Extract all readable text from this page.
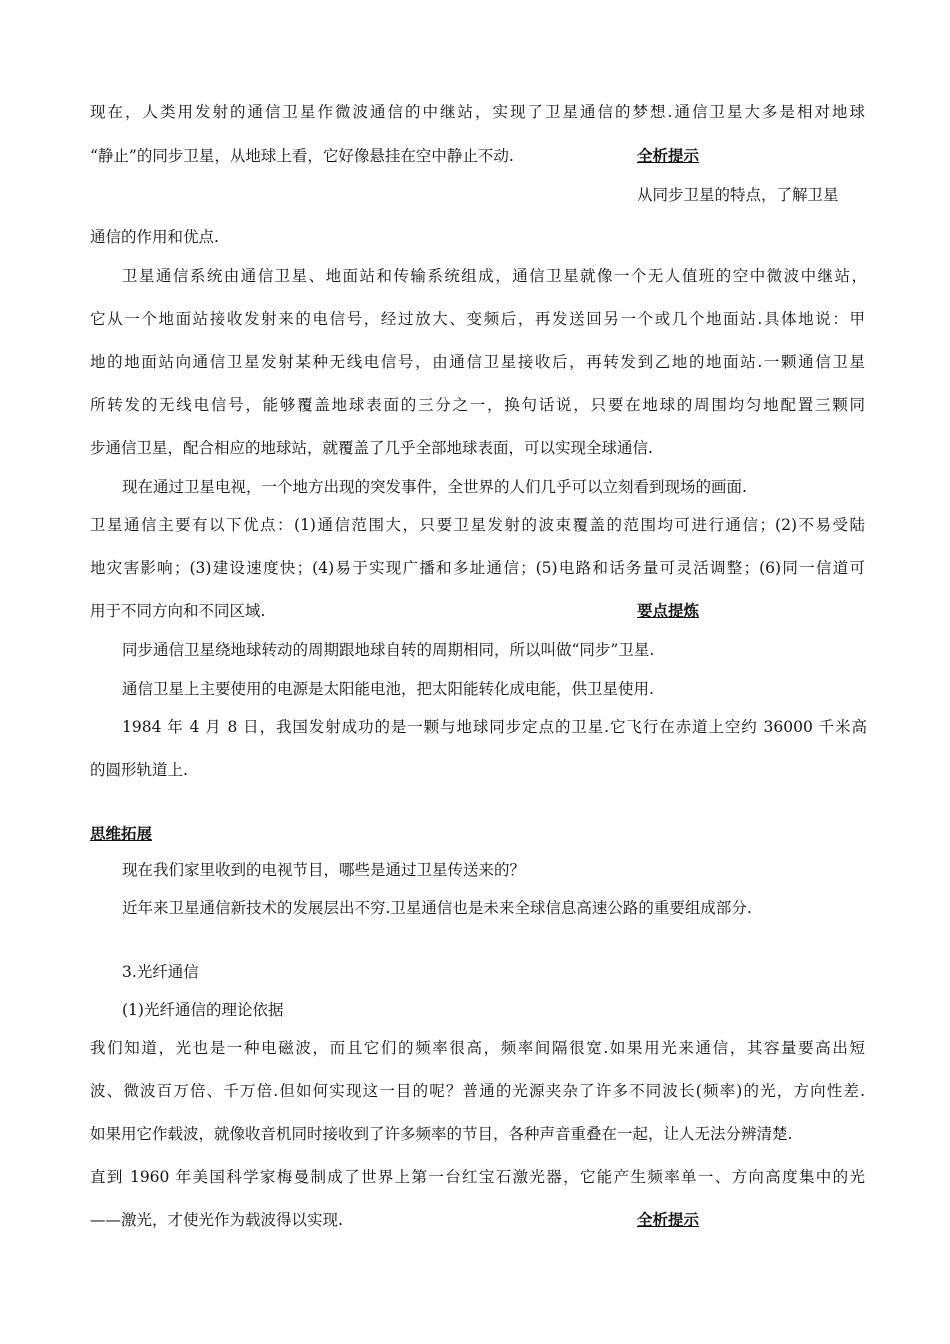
现在，人类用发射的通信卫星作微波通信的中继站，实现了卫星通信的梦想.通信卫星大多是相对地球
“静止”的同步卫星，从地球上看，它好像悬挂在空中静止不动.	全析提示
从同步卫星的特点，了解卫星
通信的作用和优点.
卫星通信系统由通信卫星、地面站和传输系统组成，通信卫星就像一个无人值班的空中微波中继站，
它从一个地面站接收发射来的电信号，经过放大、变频后，再发送回另一个或几个地面站.具体地说：甲
地的地面站向通信卫星发射某种无线电信号，由通信卫星接收后，再转发到乙地的地面站.一颗通信卫星
所转发的无线电信号，能够覆盖地球表面的三分之一，换句话说，只要在地球的周围均匀地配置三颗同
步通信卫星，配合相应的地球站，就覆盖了几乎全部地球表面，可以实现全球通信.
现在通过卫星电视，一个地方出现的突发事件，全世界的人们几乎可以立刻看到现场的画面.
卫星通信主要有以下优点：(1)通信范围大，只要卫星发射的波束覆盖的范围均可进行通信；(2)不易受陆
地灾害影响；(3)建设速度快；(4)易于实现广播和多址通信；(5)电路和话务量可灵活调整；(6)同一信道可
用于不同方向和不同区域.	要点提炼
同步通信卫星绕地球转动的周期跟地球自转的周期相同，所以叫做“同步”卫星.
通信卫星上主要使用的电源是太阳能电池，把太阳能转化成电能，供卫星使用.
1984 年 4 月 8 日，我国发射成功的是一颗与地球同步定点的卫星.它飞行在赤道上空约 36000 千米高
的圆形轨道上.
思维拓展
现在我们家里收到的电视节目，哪些是通过卫星传送来的？
近年来卫星通信新技术的发展层出不穷.卫星通信也是未来全球信息高速公路的重要组成部分.
3.光纤通信
(1)光纤通信的理论依据
我们知道，光也是一种电磁波，而且它们的频率很高，频率间隔很宽.如果用光来通信，其容量要高出短
波、微波百万倍、千万倍.但如何实现这一目的呢？普通的光源夹杂了许多不同波长(频率)的光，方向性差.
如果用它作载波，就像收音机同时接收到了许多频率的节目，各种声音重叠在一起，让人无法分辨清楚.
直到 1960 年美国科学家梅曼制成了世界上第一台红宝石激光器，它能产生频率单一、方向高度集中的光
——激光，才使光作为载波得以实现.	全析提示
